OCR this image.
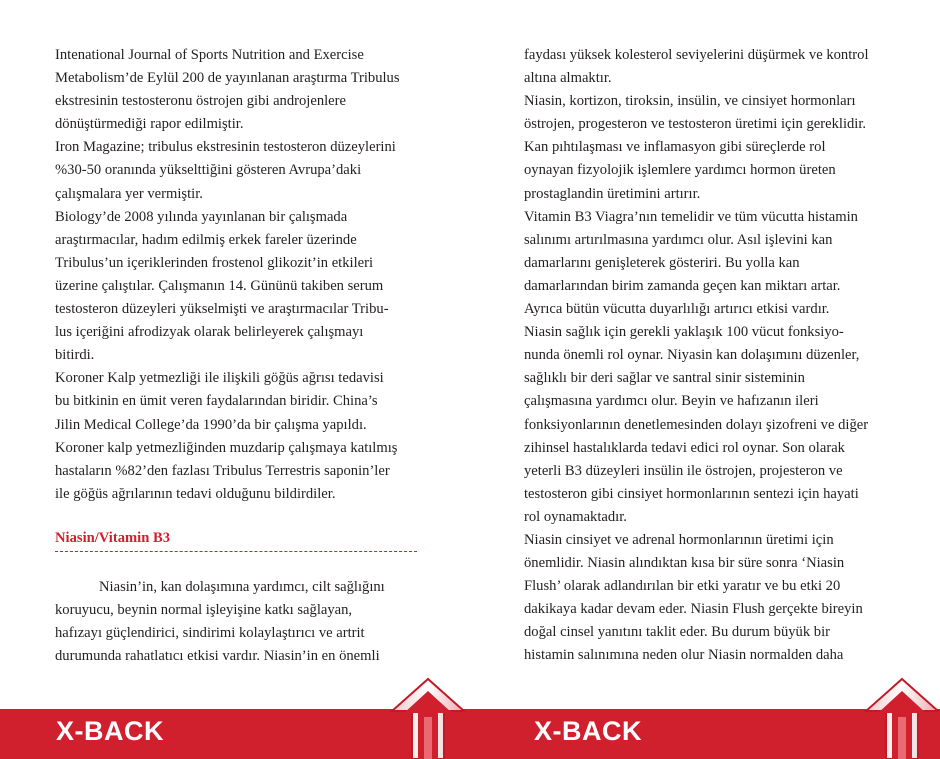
Intenational Journal of Sports Nutrition and Exercise

Metabolism’de Eylül 200 de yayınlanan araştırma Tribulus

ekstresinin testosteronu östrojen gibi androjenlere

dönüştürmediği rapor edilmiştir.

Iron Magazine; tribulus ekstresinin testosteron düzeylerini

%30-50 oranında yükselttiğini gösteren Avrupa’daki

çalışmalara yer vermiştir.

Biology’de 2008 yılında yayınlanan bir çalışmada

araştırmacılar, hadım edilmiş erkek fareler üzerinde

Tribulus’un içeriklerinden frostenol glikozit’in etkileri

üzerine çalıştılar. Çalışmanın 14. Gününü takiben serum

testosteron düzeyleri yükselmişti ve araştırmacılar Tribu-

lus içeriğini afrodizyak olarak belirleyerek çalışmayı

bitirdi.

Koroner Kalp yetmezliği ile ilişkili göğüs ağrısı tedavisi

bu bitkinin en ümit veren faydalarından biridir. China’s

Jilin Medical College’da 1990’da bir çalışma yapıldı.

Koroner kalp yetmezliğinden muzdarip çalışmaya katılmış

hastaların %82’den fazlası Tribulus Terrestris saponin’ler

ile göğüs ağrılarının tedavi olduğunu bildirdiler.

Niasin/Vitamin B3

Niasin’in, kan dolaşımına yardımcı, cilt sağlığını

koruyucu, beynin normal işleyişine katkı sağlayan,

hafızayı güçlendirici, sindirimi kolaylaştırıcı ve artrit

durumunda rahatlatıcı etkisi vardır. Niasin’in en önemli

X-BACK

faydası yüksek kolesterol seviyelerini düşürmek ve kontrol

altına almaktır.

Niasin, kortizon, tiroksin, insülin, ve cinsiyet hormonları

östrojen, progesteron ve testosteron üretimi için gereklidir.

Kan pıhtılaşması ve inflamasyon gibi süreçlerde rol

oynayan fizyolojik işlemlere yardımcı hormon üreten

prostaglandin üretimini artırır.

Vitamin B3 Viagra’nın temelidir ve tüm vücutta histamin

salınımı artırılmasına yardımcı olur. Asıl işlevini kan

damarlarını genişleterek gösteriri. Bu yolla kan

damarlarından birim zamanda geçen kan miktarı artar.

Ayrıca bütün vücutta duyarlılığı artırıcı etkisi vardır.

Niasin sağlık için gerekli yaklaşık 100 vücut fonksiyo-

nunda önemli rol oynar. Niyasin kan dolaşımını düzenler,

sağlıklı bir deri sağlar ve santral sinir sisteminin

çalışmasına yardımcı olur. Beyin ve hafızanın ileri

fonksiyonlarının denetlemesinden dolayı şizofreni ve diğer

zihinsel hastalıklarda tedavi edici rol oynar. Son olarak

yeterli B3 düzeyleri insülin ile östrojen, projesteron ve

testosteron gibi cinsiyet hormonlarının sentezi için hayati

rol oynamaktadır.

Niasin cinsiyet ve adrenal hormonlarının üretimi için

önemlidir. Niasin alındıktan kısa bir süre sonra ‘Niasin

Flush’ olarak adlandırılan bir etki yaratır ve bu etki 20

dakikaya kadar devam eder. Niasin Flush gerçekte bireyin

doğal cinsel yanıtını taklit eder. Bu durum büyük bir

histamin salınımına neden olur Niasin normalden daha

X-BACK
